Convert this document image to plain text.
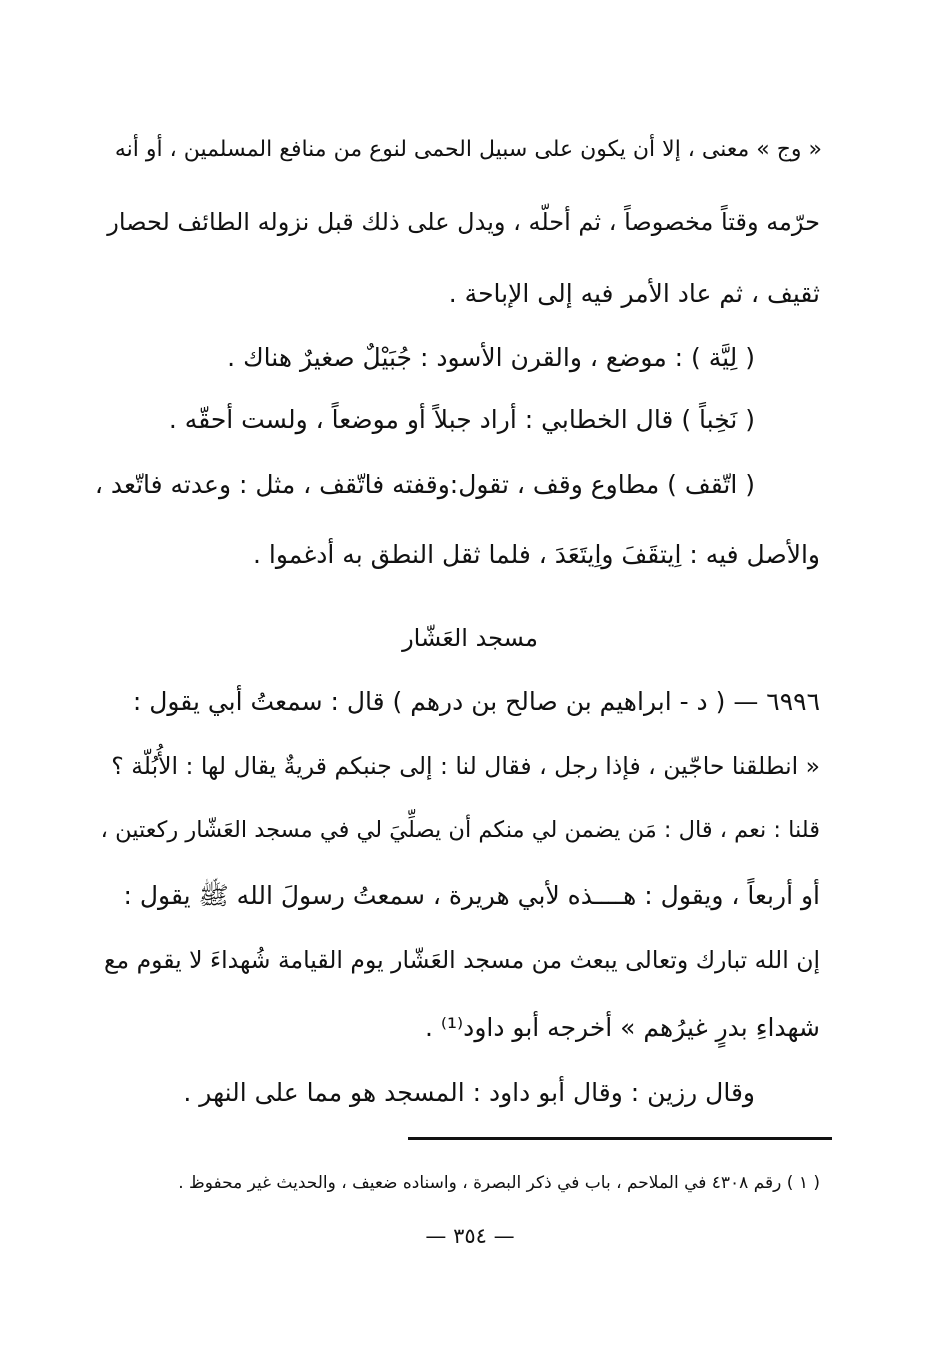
« وج » معنى ، إلا أن يكون على سبيل الحمى لنوع من منافع المسلمين ، أو أنه
حرّمه وقتاً مخصوصاً ، ثم أحلّه ، ويدل على ذلك قبل نزوله الطائف لحصار
ثقيف ، ثم عاد الأمر فيه إلى الإباحة .
( لِيَّة ) : موضع ، والقرن الأسود : جُبَيْلٌ صغيرٌ هناك .
( نَخِباً ) قال الخطابي : أراد جبلاً أو موضعاً ، ولست أحقّه .
( اتّقف ) مطاوع وقف ، تقول:وقفته فاتّقف ، مثل : وعدته فاتّعد ،
والأصل فيه : اِيتقَفَ واِيتَعَدَ ، فلما ثقل النطق به أدغموا .
مسجد العَشّار
٦٩٩٦ — ( د - ابراهيم بن صالح بن درهم ) قال : سمعتُ أبي يقول :
« انطلقنا حاجّين ، فإذا رجل ، فقال لنا : إلى جنبكم قريةٌ يقال لها : الأُبُلّة ؟
قلنا : نعم ، قال : مَن يضمن لي منكم أن يصلِّيَ لي في مسجد العَشّار ركعتين ،
أو أربعاً ، ويقول : هــــذه لأبي هريرة ، سمعتُ رسولَ الله ﷺ يقول :
إن الله تبارك وتعالى يبعث من مسجد العَشّار يوم القيامة شُهداءَ لا يقوم مع
شهداءِ بدرٍ غيرُهم » أخرجه أبو داود⁽¹⁾ .
وقال رزين : وقال أبو داود : المسجد هو مما على النهر .
( ١ ) رقم ٤٣٠٨ في الملاحم ، باب في ذكر البصرة ، واسناده ضعيف ، والحديث غير محفوظ .
— ٣٥٤ —
